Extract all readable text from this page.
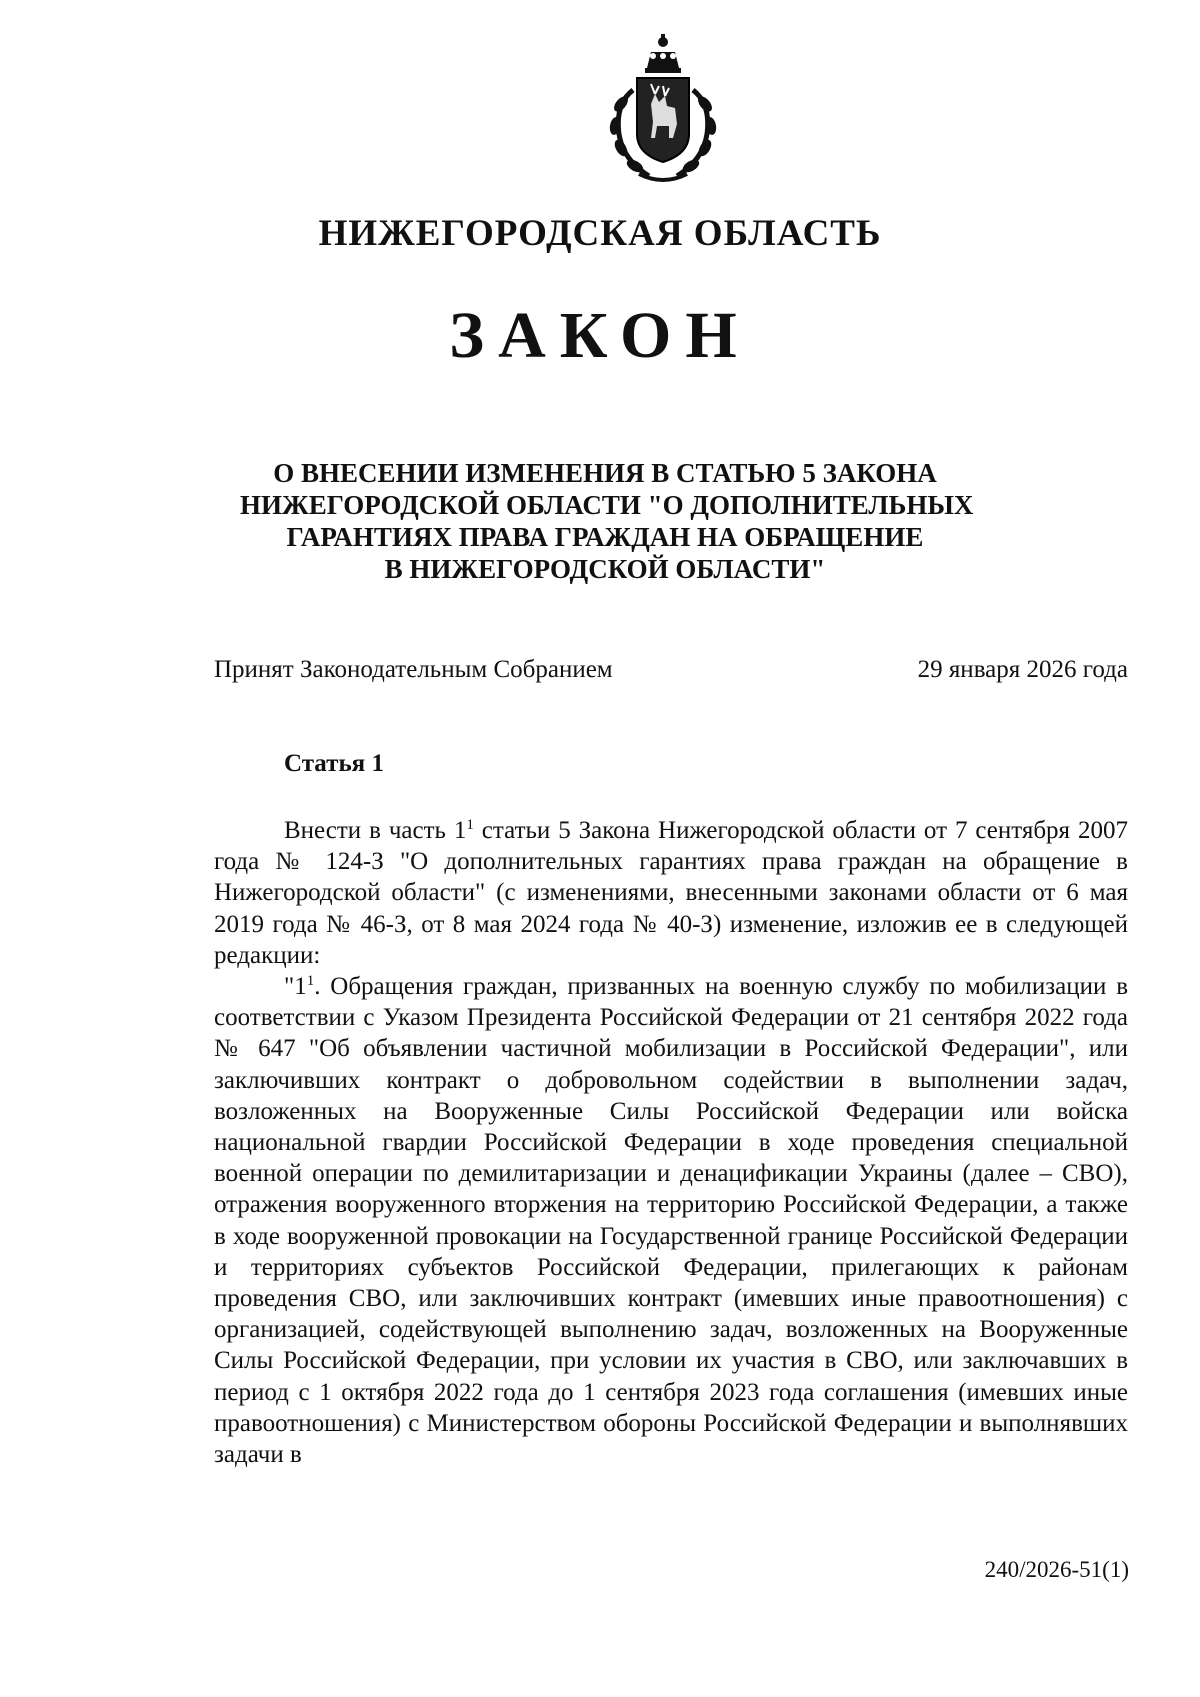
НИЖЕГОРОДСКАЯ ОБЛАСТЬ
ЗАКОН
О ВНЕСЕНИИ ИЗМЕНЕНИЯ В СТАТЬЮ 5 ЗАКОНА
НИЖЕГОРОДСКОЙ ОБЛАСТИ "О ДОПОЛНИТЕЛЬНЫХ
ГАРАНТИЯХ ПРАВА ГРАЖДАН НА ОБРАЩЕНИЕ
В НИЖЕГОРОДСКОЙ ОБЛАСТИ"
Принят Законодательным Собранием	29 января 2026 года
Статья 1

Внести в часть $1^1$ статьи 5 Закона Нижегородской области от 7 сентября 2007 года № 124-З "О дополнительных гарантиях права граждан на обращение в Нижегородской области" (с изменениями, внесенными законами области от 6 мая 2019 года № 46-З, от 8 мая 2024 года № 40-З) изменение, изложив ее в следующей редакции:

"$1^1$. Обращения граждан, призванных на военную службу по мобилизации в соответствии с Указом Президента Российской Федерации от 21 сентября 2022 года № 647 "Об объявлении частичной мобилизации в Российской Федерации", или заключивших контракт о добровольном содействии в выполнении задач, возложенных на Вооруженные Силы Российской Федерации или войска национальной гвардии Российской Федерации в ходе проведения специальной военной операции по демилитаризации и денацификации Украины (далее – СВО), отражения вооруженного вторжения на территорию Российской Федерации, а также в ходе вооруженной провокации на Государственной границе Российской Федерации и территориях субъектов Российской Федерации, прилегающих к районам проведения СВО, или заключивших контракт (имевших иные правоотношения) с организацией, содействующей выполнению задач, возложенных на Вооруженные Силы Российской Федерации, при условии их участия в СВО, или заключавших в период с 1 октября 2022 года до 1 сентября 2023 года соглашения (имевших иные правоотношения) с Министерством обороны Российской Федерации и выполнявших задачи в

240/2026-51(1)
